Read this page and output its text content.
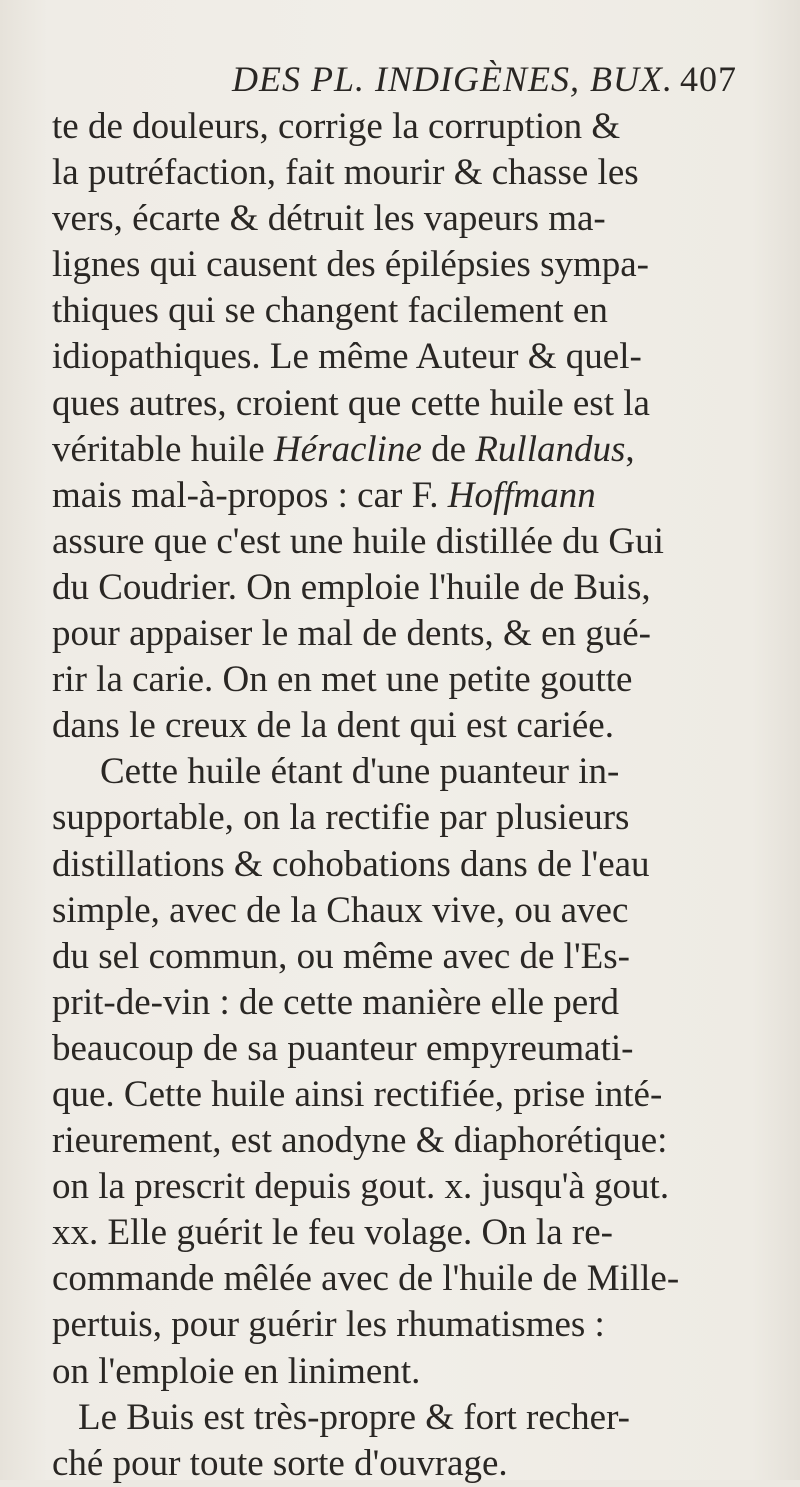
DES PL. INDIGÈNES, BUX. 407
te de douleurs, corrige la corruption &
la putréfaction, fait mourir & chasse les
vers, écarte & détruit les vapeurs ma-
lignes qui causent des épilépsies sympa-
thiques qui se changent facilement en
idiopathiques. Le même Auteur & quel-
ques autres, croient que cette huile est la
véritable huile Héracline de Rullandus,
mais mal-à-propos : car F. Hoffmann
assure que c'est une huile distillée du Gui
du Coudrier. On emploie l'huile de Buis,
pour appaiser le mal de dents, & en gué-
rir la carie. On en met une petite goutte
dans le creux de la dent qui est cariée.
Cette huile étant d'une puanteur in-
supportable, on la rectifie par plusieurs
distillations & cohobations dans de l'eau
simple, avec de la Chaux vive, ou avec
du sel commun, ou même avec de l'Es-
prit-de-vin : de cette manière elle perd
beaucoup de sa puanteur empyreumati-
que. Cette huile ainsi rectifiée, prise inté-
rieurement, est anodyne & diaphorétique:
on la prescrit depuis gout. x. jusqu'à gout.
xx. Elle guérit le feu volage. On la re-
commande mêlée avec de l'huile de Mille-
pertuis, pour guérir les rhumatismes :
on l'emploie en liniment.
Le Buis est très-propre & fort recher-
ché pour toute sorte d'ouvrage.
